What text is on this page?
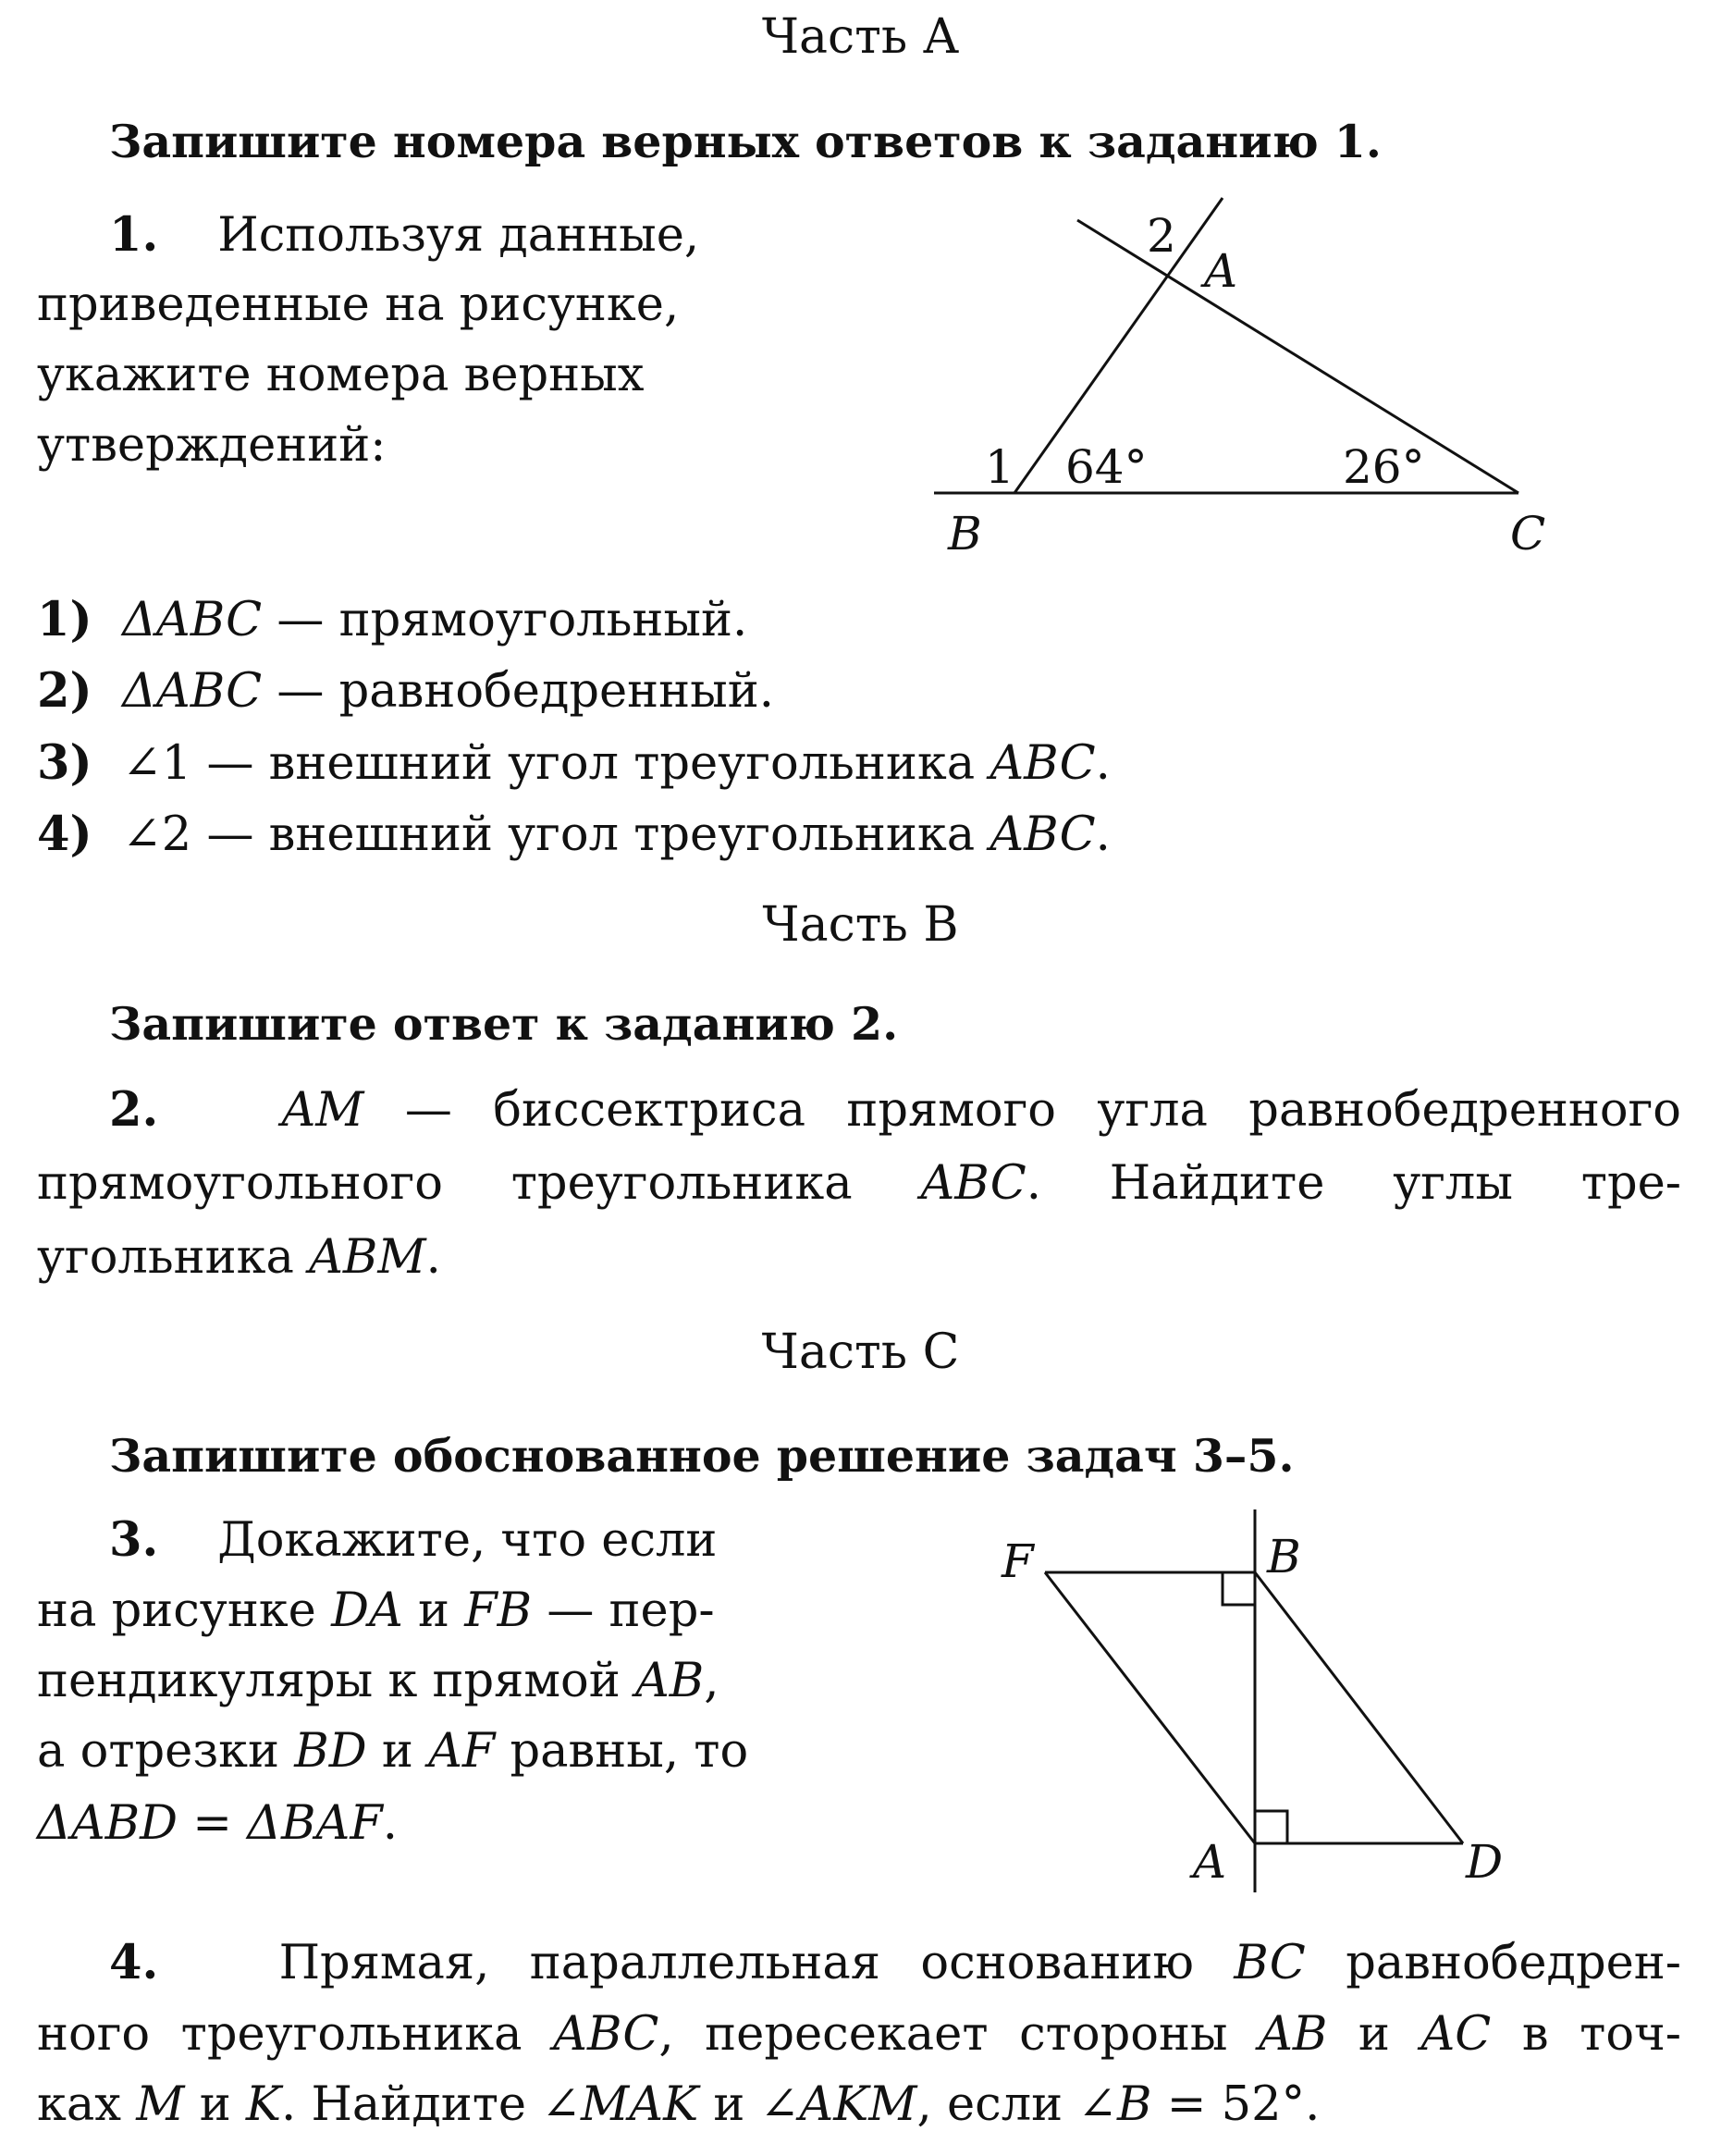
Часть А
Запишите номера верных ответов к заданию 1.
1. Используя данные,
приведенные на рисунке,
укажите номера верных
утверждений:
A
B	C
2
1 64°	26°
1) ΔABC — прямоугольный.
2) ΔABC — равнобедренный.
3) ∠1 — внешний угол треугольника ABC.
4) ∠2 — внешний угол треугольника ABC.
Часть В
Запишите ответ к заданию 2.
2.	AM — биссектриса прямого угла равнобедренного
прямоугольного треугольника ABC. Найдите углы тре-
угольника ABM.
Часть С
Запишите обоснованное решение задач 3–5.
3. Докажите, что если
на рисунке DA и FB — пер-
пендикуляры к прямой AB,
а отрезки BD и AF равны, то
ΔABD = ΔBAF.
F	B
A	D
4.	Прямая, параллельная основанию BC равнобедрен-
ного треугольника ABC, пересекает стороны AB и AC в точ-
ках M и K. Найдите ∠MAK и ∠AKM, если ∠B = 52°.
